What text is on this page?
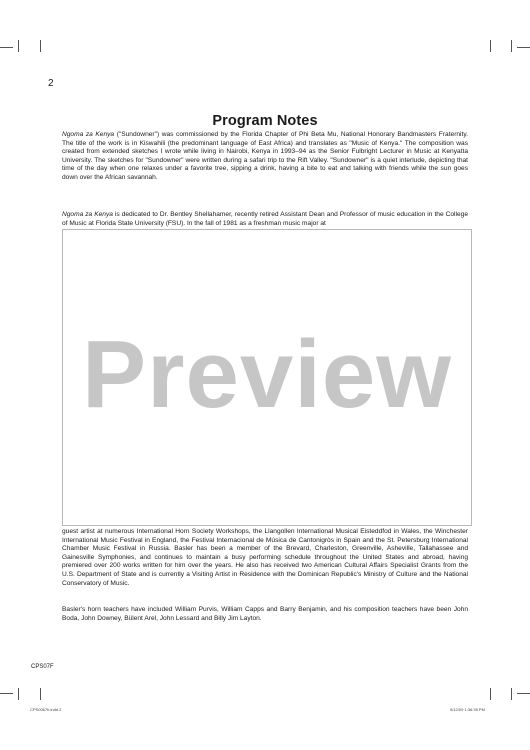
2
Program Notes
Ngoma za Kenya ("Sundowner") was commissioned by the Florida Chapter of Phi Beta Mu, National Honorary Bandmasters Fraternity. The title of the work is in Kiswahili (the predominant language of East Africa) and translates as "Music of Kenya." The composition was created from extended sketches I wrote while living in Nairobi, Kenya in 1993–94 as the Senior Fulbright Lecturer in Music at Kenyatta University. The sketches for "Sundowner" were written during a safari trip to the Rift Valley. "Sundowner" is a quiet interlude, depicting that time of the day when one relaxes under a favorite tree, sipping a drink, having a bite to eat and talking with friends while the sun goes down over the African savannah.
Ngoma za Kenya is dedicated to Dr. Bentley Shellahamer, recently retired Assistant Dean and Professor of music education in the College of Music at Florida State University (FSU). In the fall of 1981 as a freshman music major at
Preview
guest artist at numerous International Horn Society Workshops, the Llangollen International Musical Eisteddfod in Wales, the Winchester International Music Festival in England, the Festival Internacional de Música de Cantonigròs in Spain and the St. Petersburg International Chamber Music Festival in Russia. Basler has been a member of the Brevard, Charleston, Greenville, Asheville, Tallahassee and Gainesville Symphonies, and continues to maintain a busy performing schedule throughout the United States and abroad, having premiered over 200 works written for him over the years. He also has received two American Cultural Affairs Specialist Grants from the U.S. Department of State and is currently a Visiting Artist in Residence with the Dominican Republic's Ministry of Culture and the National Conservatory of Music.
Basler's horn teachers have included William Purvis, William Capps and Barry Benjamin, and his composition teachers have been John Boda, John Downey, Bülent Arel, John Lessard and Billy Jim Layton.
CPS07F
CPS0067b.indd 2	5/12/09 1:36:35 PM
